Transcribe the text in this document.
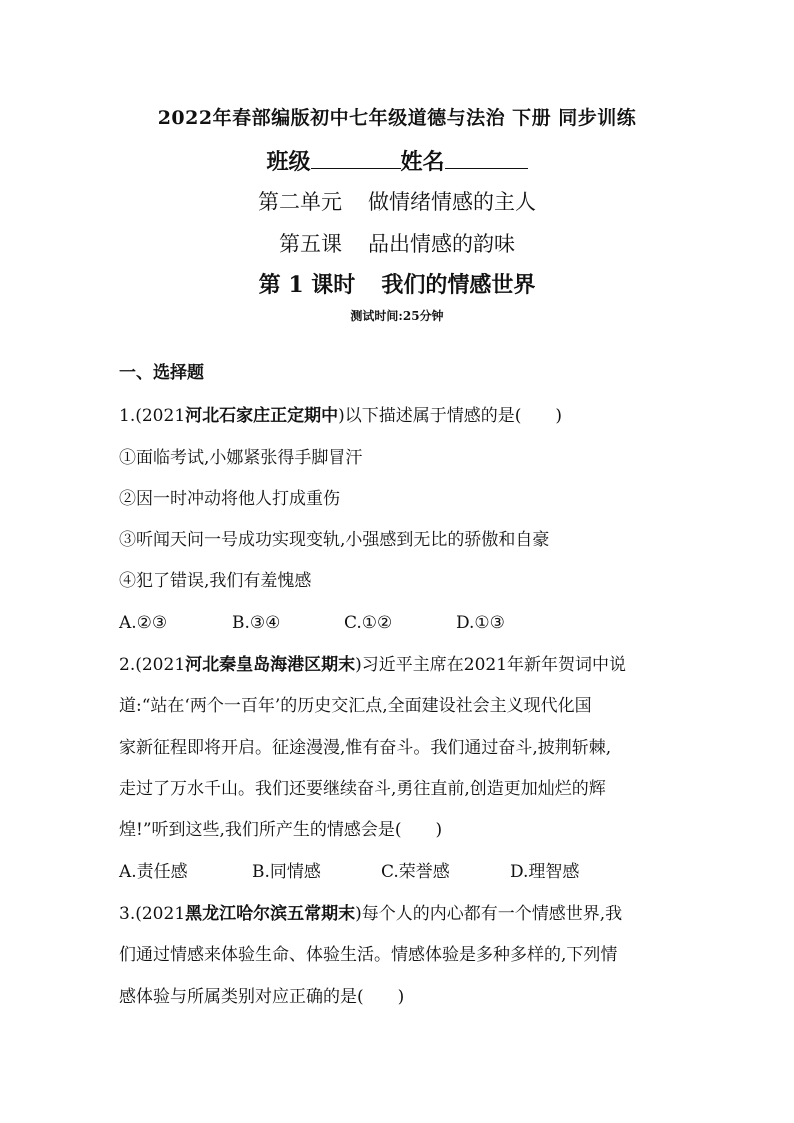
2022年春部编版初中七年级道德与法治 下册 同步训练
班级	姓名
第二单元 做情绪情感的主人
第五课 品出情感的韵味
第 1 课时 我们的情感世界
测试时间:25分钟
一、选择题
1.(2021河北石家庄正定期中)以下描述属于情感的是(　　)
①面临考试,小娜紧张得手脚冒汗
②因一时冲动将他人打成重伤
③听闻天问一号成功实现变轨,小强感到无比的骄傲和自豪
④犯了错误,我们有羞愧感
A.②③	B.③④	C.①②	D.①③
2.(2021河北秦皇岛海港区期末)习近平主席在2021年新年贺词中说
道:“站在‘两个一百年’的历史交汇点,全面建设社会主义现代化国
家新征程即将开启。征途漫漫,惟有奋斗。我们通过奋斗,披荆斩棘,
走过了万水千山。我们还要继续奋斗,勇往直前,创造更加灿烂的辉
煌!”听到这些,我们所产生的情感会是(　　)
A.责任感	B.同情感	C.荣誉感	D.理智感
3.(2021黑龙江哈尔滨五常期末)每个人的内心都有一个情感世界,我
们通过情感来体验生命、体验生活。情感体验是多种多样的,下列情
感体验与所属类别对应正确的是(　　)
